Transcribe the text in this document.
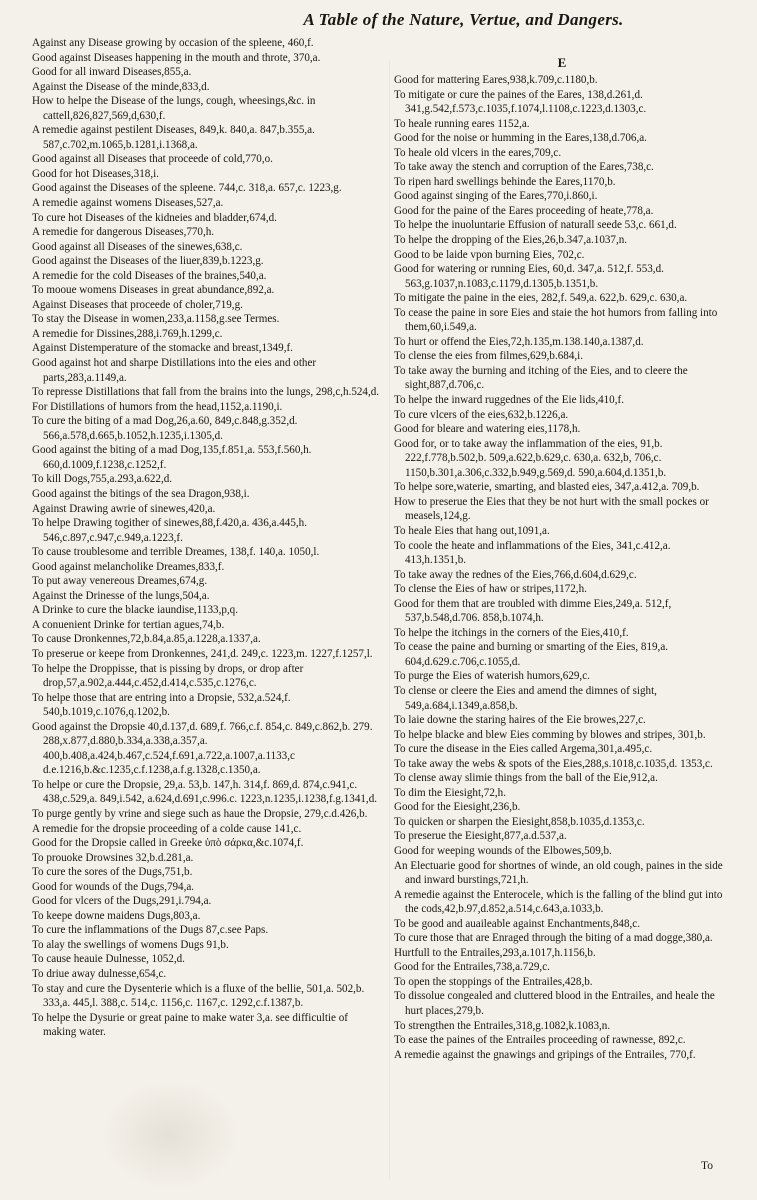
A Table of the Nature, Vertue, and Dangers.

Against any Disease growing by occasion of the spleene, 460,f.

Good against Diseases happening in the mouth and throte, 370,a.

Good for all inward Diseases,855,a.

Against the Disease of the minde,833,d.

How to helpe the Disease of the lungs, cough, wheesings,&c. in cattell,826,827,569,d,630,f.

A remedie against pestilent Diseases, 849,k. 840,a. 847,b.355,a. 587,c.702,m.1065,b.1281,i.1368,a.

Good against all Diseases that proceede of cold,770,o.

Good for hot Diseases,318,i.

Good against the Diseases of the spleene. 744,c. 318,a. 657,c. 1223,g.

A remedie against womens Diseases,527,a.

To cure hot Diseases of the kidneies and bladder,674,d.

A remedie for dangerous Diseases,770,h.

Good against all Diseases of the sinewes,638,c.

Good against the Diseases of the liuer,839,b.1223,g.

A remedie for the cold Diseases of the braines,540,a.

To mooue womens Diseases in great abundance,892,a.

Against Diseases that proceede of choler,719,g.

To stay the Disease in women,233,a.1158,g.see Termes.

A remedie for Dissines,288,i.769,h.1299,c.

Against Distemperature of the stomacke and breast,1349,f.

Good against hot and sharpe Distillations into the eies and other parts,283,a.1149,a.

To represse Distillations that fall from the brains into the lungs, 298,c,h.524,d.

For Distillations of humors from the head,1152,a.1190,i.

To cure the biting of a mad Dog,26,a.60, 849,c.848,g.352,d. 566,a.578,d.665,b.1052,h.1235,i.1305,d.

Good against the biting of a mad Dog,135,f.851,a. 553,f.560,h. 660,d.1009,f.1238,c.1252,f.

To kill Dogs,755,a.293,a.622,d.

Good against the bitings of the sea Dragon,938,i.

Against Drawing awrie of sinewes,420,a.

To helpe Drawing togither of sinewes,88,f.420,a. 436,a.445,h. 546,c.897,c.947,c.949,a.1223,f.

To cause troublesome and terrible Dreames, 138,f. 140,a. 1050,l.

Good against melancholike Dreames,833,f.

To put away venereous Dreames,674,g.

Against the Drinesse of the lungs,504,a.

A Drinke to cure the blacke iaundise,1133,p,q.

A conuenient Drinke for tertian agues,74,b.

To cause Dronkennes,72,b.84,a.85,a.1228,a.1337,a.

To preserue or keepe from Dronkennes, 241,d. 249,c. 1223,m. 1227,f.1257,l.

To helpe the Droppisse, that is pissing by drops, or drop after drop,57,a.902,a.444,c.452,d.414,c.535,c.1276,c.

To helpe those that are entring into a Dropsie, 532,a.524,f. 540,b.1019,c.1076,q.1202,b.

Good against the Dropsie 40,d.137,d. 689,f. 766,c.f. 854,c. 849,c.862,b. 279. 288,x.877,d.880,b.334,a.338,a.357,a. 400,b.408,a.424,b.467,c.524,f.691,a.722,a.1007,a.1133,c d.e.1216,b.&c.1235,c.f.1238,a.f.g.1328,c.1350,a.

To helpe or cure the Dropsie, 29,a. 53,b. 147,h. 314,f. 869,d. 874,c.941,c. 438,c.529,a. 849,i.542, a.624,d.691,c.996.c. 1223,n.1235,i.1238,f.g.1341,d.

To purge gently by vrine and siege such as haue the Dropsie, 279,c.d.426,b.

A remedie for the dropsie proceeding of a colde cause 141,c.

Good for the Dropsie called in Greeke ὑπὸ σάρκα,&c.1074,f.

To prouoke Drowsines 32,b.d.281,a.

To cure the sores of the Dugs,751,b.

Good for wounds of the Dugs,794,a.

Good for vlcers of the Dugs,291,i.794,a.

To keepe downe maidens Dugs,803,a.

To cure the inflammations of the Dugs 87,c.see Paps.

To alay the swellings of womens Dugs 91,b.

To cause heauie Dulnesse, 1052,d.

To driue away dulnesse,654,c.

To stay and cure the Dysenterie which is a fluxe of the bellie, 501,a. 502,b. 333,a. 445,l. 388,c. 514,c. 1156,c. 1167,c. 1292,c.f.1387,b.

To helpe the Dysurie or great paine to make water 3,a. see difficultie of making water.

E

Good for mattering Eares,938,k.709,c.1180,b.

To mitigate or cure the paines of the Eares, 138,d.261,d. 341,g.542,f.573,c.1035,f.1074,l.1108,c.1223,d.1303,c.

To heale running eares 1152,a.

Good for the noise or humming in the Eares,138,d.706,a.

To heale old vlcers in the eares,709,c.

To take away the stench and corruption of the Eares,738,c.

To ripen hard swellings behinde the Eares,1170,b.

Good against singing of the Eares,770,i.860,i.

Good for the paine of the Eares proceeding of heate,778,a.

To helpe the inuoluntarie Effusion of naturall seede 53,c. 661,d.

To helpe the dropping of the Eies,26,b.347,a.1037,n.

Good to be laide vpon burning Eies, 702,c.

Good for watering or running Eies, 60,d. 347,a. 512,f. 553,d. 563,g.1037,n.1083,c.1179,d.1305,b.1351,b.

To mitigate the paine in the eies, 282,f. 549,a. 622,b. 629,c. 630,a.

To cease the paine in sore Eies and staie the hot humors from falling into them,60,i.549,a.

To hurt or offend the Eies,72,h.135,m.138.140,a.1387,d.

To clense the eies from filmes,629,b.684,i.

To take away the burning and itching of the Eies, and to cleere the sight,887,d.706,c.

To helpe the inward ruggednes of the Eie lids,410,f.

To cure vlcers of the eies,632,b.1226,a.

Good for bleare and watering eies,1178,h.

Good for, or to take away the inflammation of the eies, 91,b. 222,f.778,b.502,b. 509,a.622,b.629,c. 630,a. 632,b, 706,c. 1150,b.301,a.306,c.332,b.949,g.569,d. 590,a.604,d.1351,b.

To helpe sore,waterie, smarting, and blasted eies, 347,a.412,a. 709,b.

How to preserue the Eies that they be not hurt with the small pockes or measels,124,g.

To heale Eies that hang out,1091,a.

To coole the heate and inflammations of the Eies, 341,c.412,a. 413,h.1351,b.

To take away the rednes of the Eies,766,d.604,d.629,c.

To clense the Eies of haw or stripes,1172,h.

Good for them that are troubled with dimme Eies,249,a. 512,f, 537,b.548,d.706. 858,b.1074,h.

To helpe the itchings in the corners of the Eies,410,f.

To cease the paine and burning or smarting of the Eies, 819,a. 604,d.629.c.706,c.1055,d.

To purge the Eies of waterish humors,629,c.

To clense or cleere the Eies and amend the dimnes of sight, 549,a.684,i.1349,a.858,b.

To laie downe the staring haires of the Eie browes,227,c.

To helpe blacke and blew Eies comming by blowes and stripes, 301,b.

To cure the disease in the Eies called Argema,301,a.495,c.

To take away the webs & spots of the Eies,288,s.1018,c.1035,d. 1353,c.

To clense away slimie things from the ball of the Eie,912,a.

To dim the Eiesight,72,h.

Good for the Eiesight,236,b.

To quicken or sharpen the Eiesight,858,b.1035,d.1353,c.

To preserue the Eiesight,877,a.d.537,a.

Good for weeping wounds of the Elbowes,509,b.

An Electuarie good for shortnes of winde, an old cough, paines in the side and inward burstings,721,h.

A remedie against the Enterocele, which is the falling of the blind gut into the cods,42,b.97,d.852,a.514,c.643,a.1033,b.

To be good and auaileable against Enchantments,848,c.

To cure those that are Enraged through the biting of a mad dogge,380,a.

Hurtfull to the Entrailes,293,a.1017,h.1156,b.

Good for the Entrailes,738,a.729,c.

To open the stoppings of the Entrailes,428,b.

To dissolue congealed and cluttered blood in the Entrailes, and heale the hurt places,279,b.

To strengthen the Entrailes,318,g.1082,k.1083,n.

To ease the paines of the Entrailes proceeding of rawnesse, 892,c.

A remedie against the gnawings and gripings of the Entrailes, 770,f.

To
